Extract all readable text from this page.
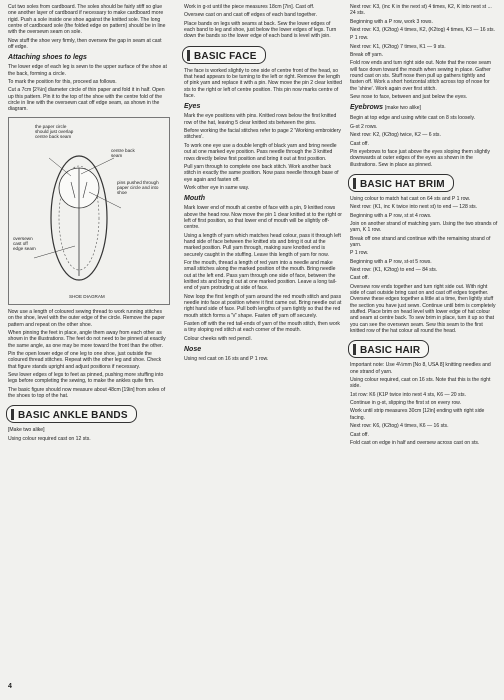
Cut two soles from cardboard. The soles should be fairly stiff so glue one another layer of cardboard if necessary to make cardboard more rigid. Push a sole inside one shoe against the knitted sole. The long centre of cardboard sole (the folded edge on pattern) should be in line with the oversewn seam on sole.

Now stuff the shoe very firmly, then oversew the gap in seam at cast off edge.

Attaching shoes to legs

The lower edge of each leg is sewn to the upper surface of the shoe at the back, forming a circle.

To mark the position for this, proceed as follows.

Cut a 7cm [2¾in] diameter circle of thin paper and fold it in half. Open up this pattern. Pin it to the top of the shoe with the centre fold of the circle in line with the oversewn cast off edge seam, as shown in the diagram.

the paper circle should just overlap centre back seam
centre back seam
pins pushed through paper circle and into shoe
oversewn cast off edge seam
SHOE DIAGRAM

Now use a length of coloured sewing thread to work running stitches on the shoe, level with the outer edge of the circle. Remove the paper pattern and repeat on the other shoe.

When pinning the feet in place, angle them away from each other as shown in the illustrations. The feet do not need to be pinned at exactly the same angle, as one may be more toward the front than the other.

Pin the open lower edge of one leg to one shoe, just outside the coloured thread stitches. Repeat with the other leg and shoe. Check that figure stands upright and adjust positions if necessary.

Sew lower edges of legs to feet as pinned, pushing more stuffing into legs before completing the sewing, to make the ankles quite firm.

The basic figure should now measure about 48cm [19in] from soles of the shoes to top of the hat.

BASIC ANKLE BANDS

[Make two alike]

Using colour required cast on 12 sts.

4

Work in g-st until the piece measures 18cm [7in]. Cast off.

Oversew cast on and cast off edges of each band together.

Place bands on legs with seams at back. Sew the lower edges of each band to leg and shoe, just below the lower edges of legs. Turn down the bands so the lower edge of each band is level with join.

BASIC FACE

The face is worked slightly to one side of centre front of the head, so that head appears to be turning to the left or right. Remove the length of pink yarn and replace it with a pin. Now move the pin 2 clear knitted sts to the right or left of centre position. This pin now marks centre of face.

Eyes

Mark the eye positions with pins. Knitted rows below the first knitted row of the hat, leaving 5 clear knitted sts between the pins.

Before working the facial stitches refer to page 2 'Working embroidery stitches'.

To work one eye use a double length of black yarn and bring needle out at one marked eye position. Pass needle through the 3 knitted rows directly below first position and bring it out at first position.

Pull yarn through to complete one back stitch. Work another back stitch in exactly the same position. Now pass needle through base of eye again and fasten off.

Work other eye in same way.

Mouth

Mark lower end of mouth at centre of face with a pin, 9 knitted rows above the head row. Now move the pin 1 clear knitted st to the right or left of first position, so that lower end of mouth will be slightly off-centre.

Using a length of yarn which matches head colour, pass it through left hand side of face between the knitted sts and bring it out at the marked position. Pull yarn through, making sure knotted end is securely caught in the stuffing. Leave this length of yarn for now.

For the mouth, thread a length of red yarn into a needle and make small stitches along the marked position of the mouth. Bring needle out at the left end. Pass yarn through one side of face, between the knitted sts and bring it out at one marked position. Leave a long tail-end of yarn protruding at side of face.

Now loop the first length of yarn around the red mouth stitch and pass needle into face at position where it first came out. Bring needle out at right hand side of face. Pull both lengths of yarn tightly so that the red mouth stitch forms a 'V' shape. Fasten off yarn off securely.

Fasten off with the red tail-ends of yarn of the mouth stitch, then work a tiny sloping red stitch at each corner of the mouth.

Colour cheeks with red pencil.

Nose

Using red cast on 16 sts and P 1 row.

Next row: K3, (inc K in the next st) 4 times, K2, K into next st ... 24 sts.

Beginning with a P row, work 3 rows.

Next row: K3, (K2tog) 4 times, K2, (K2tog) 4 times, K3 — 16 sts.

P 1 row.

Next row: K1, (K2tog) 7 times, K1 — 9 sts.

Break off yarn.

Fold row ends and turn right side out. Note that the nose seam will face down toward the mouth when sewing in place. Gather round cast on sts. Stuff nose then pull up gathers tightly and fasten off. Work a short horizontal stitch across top of nose for the 'shine'. Work again over first stitch.

Sew nose to face, between and just below the eyes.

Eyebrows [make two alike]

Begin at top edge and using white cast on 8 sts loosely.

G-st 2 rows.

Next row: K2, (K2tog) twice, K2 — 6 sts.

Cast off.

Pin eyebrows to face just above the eyes sloping them slightly downwards at outer edges of the eyes as shown in the illustrations. Sew in place as pinned.

BASIC HAT BRIM

Using colour to match hat cast on 64 sts and P 1 row.

Next row: (K1, inc K twice into next st) to end — 128 sts.

Beginning with a P row, st st 4 rows.

Join on another strand of matching yarn. Using the two strands of yarn, K 1 row.

Break off one strand and continue with the remaining strand of yarn.

P 1 row.

Beginning with a P row, st-st 5 rows.

Next row: (K1, K2tog) to end — 84 sts.

Cast off.

Oversew row ends together and turn right side out. With right side of cast outside bring cast on and cast off edges together. Oversew these edges together a little at a time, then lightly stuff the section you have just sewn. Continue until brim is completely stuffed. Place brim on head level with lower edge of hat colour and seam at centre back. To sew brim in place, turn it up so that you can see the oversewn seam. Sew this seam to the first knitted row of the hat colour all round the head.

BASIC HAIR

Important note: Use 4½mm [No 8, USA 8] knitting needles and one strand of yarn.

Using colour required, cast on 16 sts. Note that this is the right side.

1st row: K6 (K1P twice into next 4 sts, K6 — 20 sts.

Continue in g-st, slipping the first st on every row.

Work until strip measures 30cm [12in] ending with right side facing.

Next row: K6, (K2tog) 4 times, K6 — 16 sts.

Cast off.

Fold cast on edge in half and oversew across cast on sts.
